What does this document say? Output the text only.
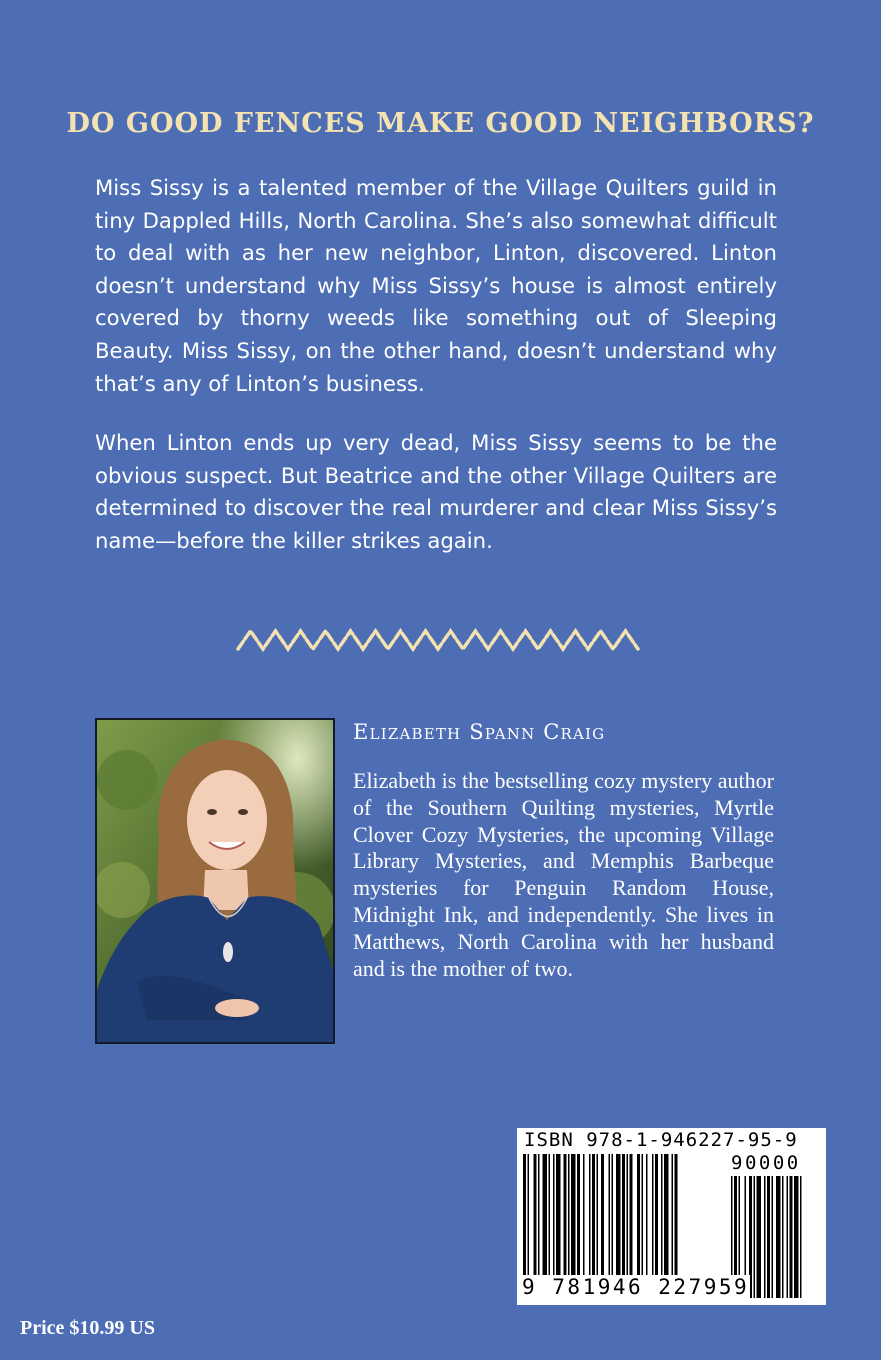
DO GOOD FENCES MAKE GOOD NEIGHBORS?

Miss Sissy is a talented member of the Village Quilters guild in tiny Dappled Hills, North Carolina. She’s also somewhat difficult to deal with as her new neighbor, Linton, discovered. Linton doesn’t understand why Miss Sissy’s house is almost entirely covered by thorny weeds like something out of Sleeping Beauty. Miss Sissy, on the other hand, doesn’t understand why that’s any of Linton’s business.

When Linton ends up very dead, Miss Sissy seems to be the obvious suspect. But Beatrice and the other Village Quilters are determined to discover the real murderer and clear Miss Sissy’s name—before the killer strikes again.

Elizabeth Spann Craig

Elizabeth is the bestselling cozy mystery author of the Southern Quilting mysteries, Myrtle Clover Cozy Mysteries, the upcoming Village Library Mysteries, and Memphis Barbeque mysteries for Penguin Random House, Midnight Ink, and independently. She lives in Matthews, North Carolina with her husband and is the mother of two.

ISBN 978-1-946227-95-9
90000
9 781946 227959

Price $10.99 US
